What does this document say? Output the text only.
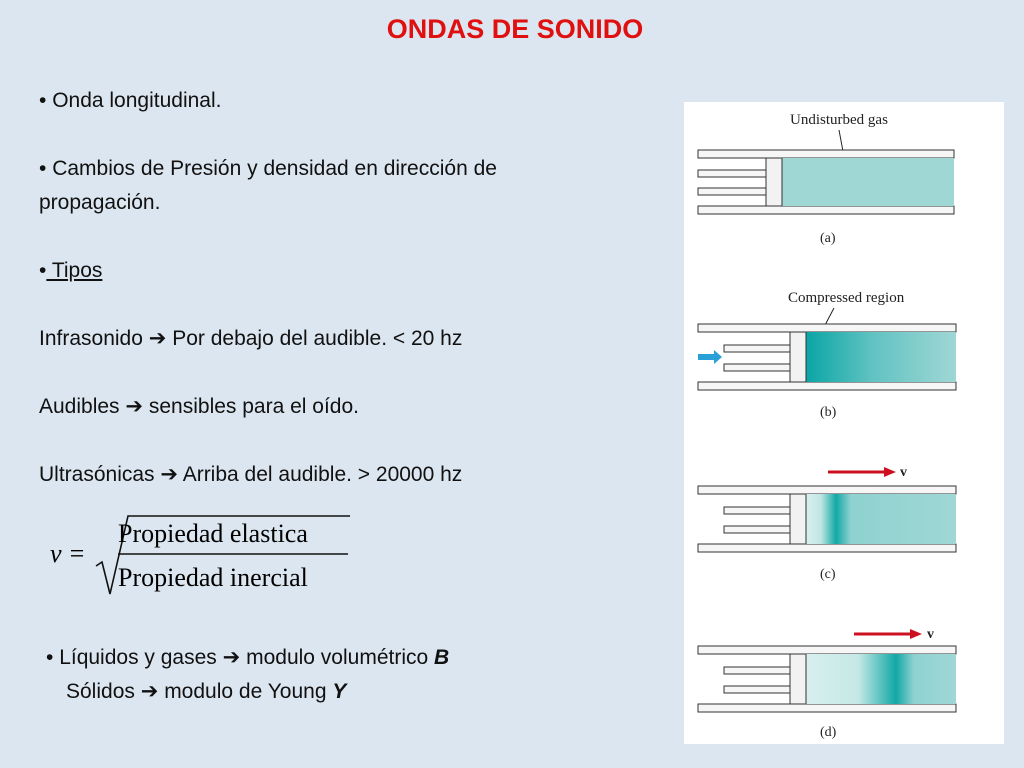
ONDAS DE SONIDO
• Onda longitudinal.
• Cambios de Presión y densidad en dirección de
propagación.
• Tipos
Infrasonido ➔ Por debajo del audible. < 20 hz
Audibles ➔ sensibles para el oído.
Ultrasónicas ➔ Arriba del audible. > 20000 hz
v =
Propiedad elastica
Propiedad inercial
• Líquidos y gases ➔ modulo volumétrico B
Sólidos ➔ modulo de Young Y
Undisturbed gas
(a)
Compressed region
(b)
v
(c)
v
(d)
